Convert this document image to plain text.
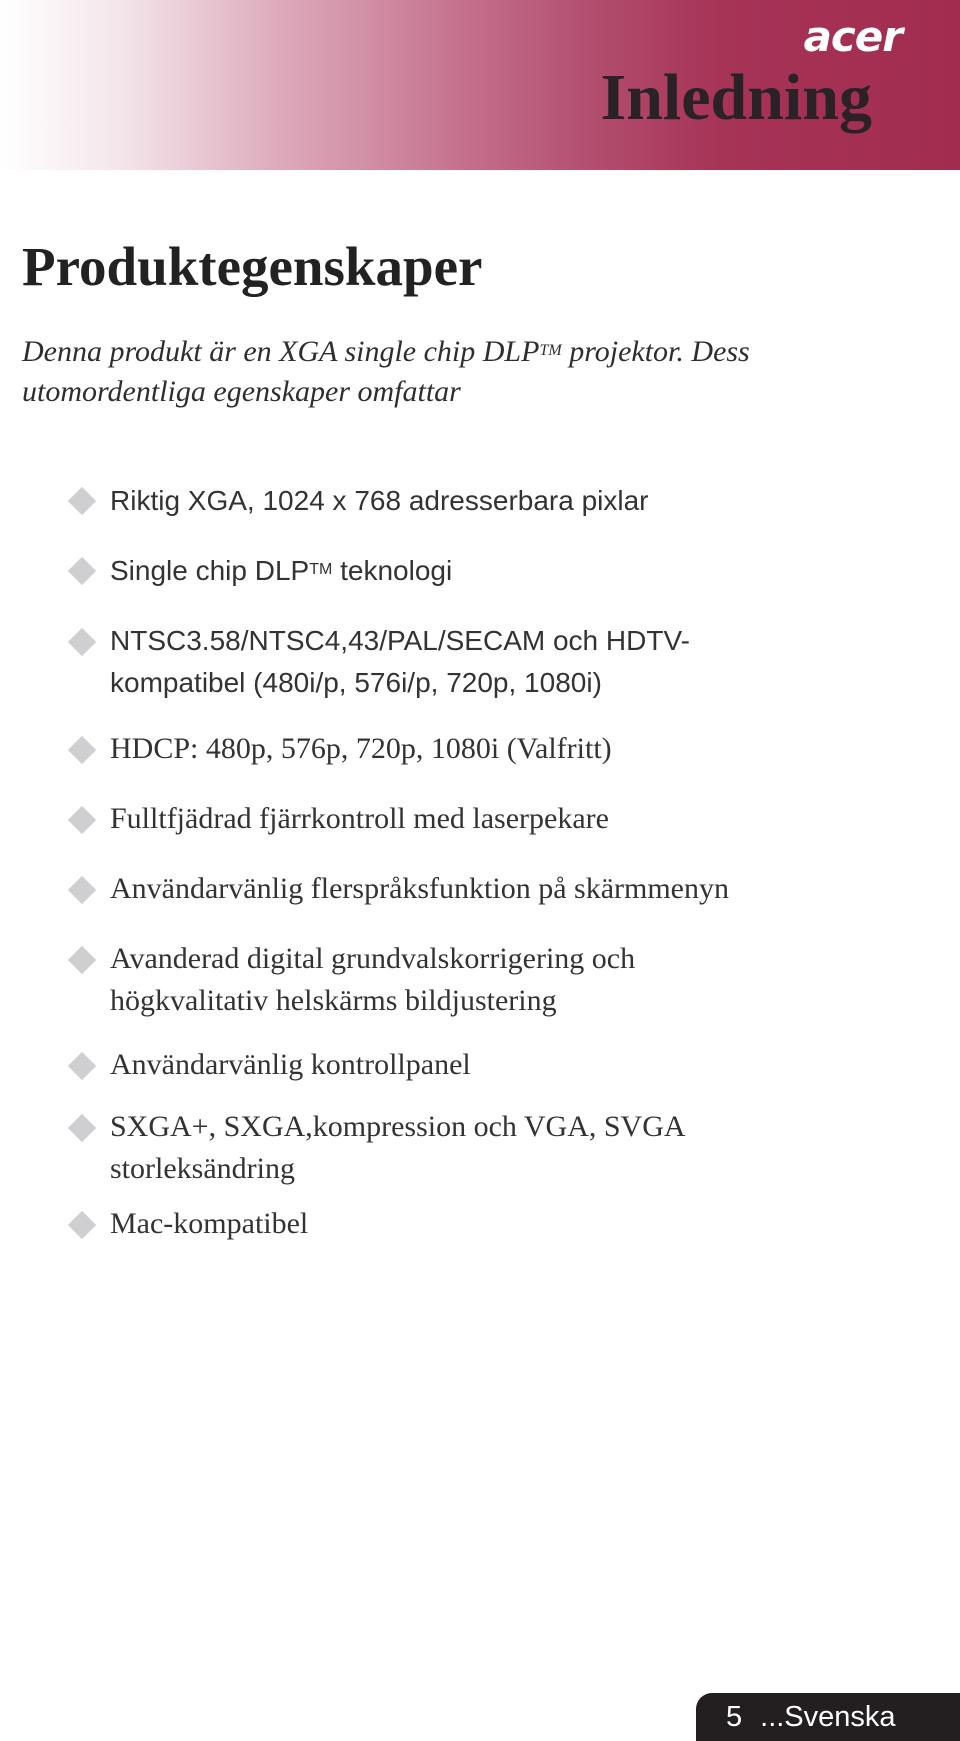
acer
Inledning
Produktegenskaper

Denna produkt är en XGA single chip DLP™ projektor. Dess
utomordentliga egenskaper omfattar

Riktig XGA, 1024 x 768 adresserbara pixlar
Single chip DLP™ teknologi
NTSC3.58/NTSC4,43/PAL/SECAM och HDTV-
kompatibel (480i/p, 576i/p, 720p, 1080i)
HDCP: 480p, 576p, 720p, 1080i (Valfritt)
Fulltfjädrad fjärrkontroll med laserpekare
Användarvänlig flerspråksfunktion på skärmmenyn
Avanderad digital grundvalskorrigering och
högkvalitativ helskärms bildjustering
Användarvänlig kontrollpanel
SXGA+, SXGA,kompression och VGA, SVGA
storleksändring
Mac-kompatibel
5 ...Svenska
